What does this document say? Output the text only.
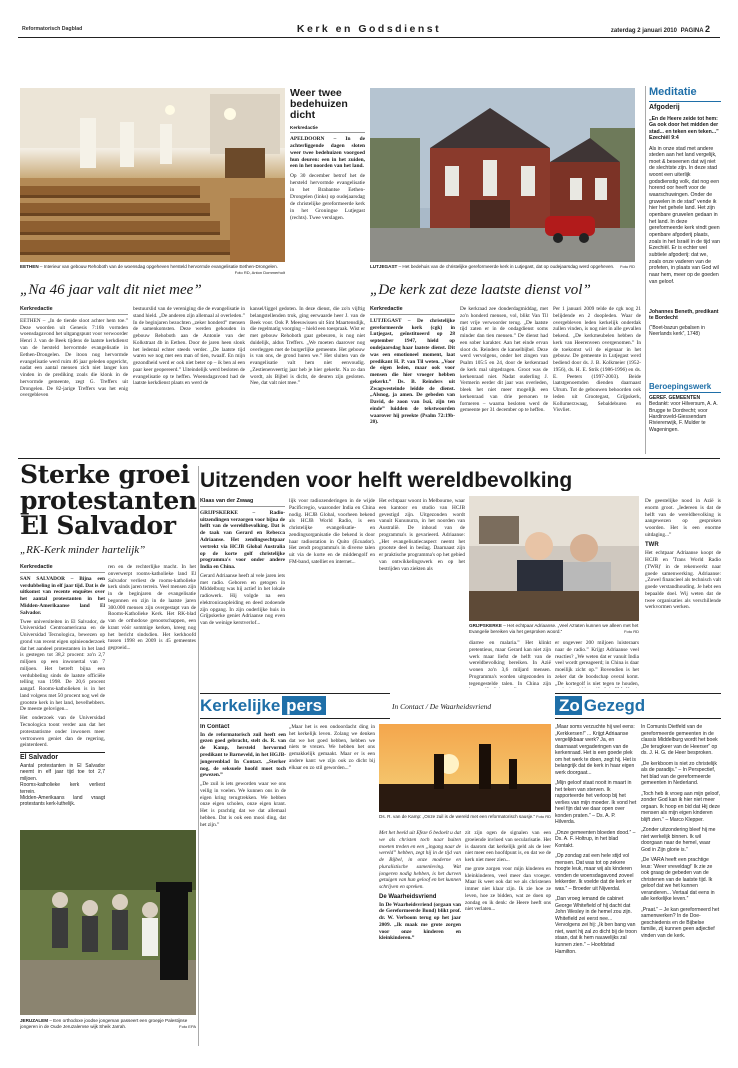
Reformatorisch Dagblad	Kerk en Godsdienst	zaterdag 2 januari 2010 PAGINA 2
EETHEN – Interieur van gebouw Rehoboth van de woensdag opgeheven hersteld hervormde evangelisatie Eethen-Drongelen.
Foto RD, Anton Dommerholt
Weer twee bedehuizen dicht
Kerkredactie
APELDOORN – In de achterliggende dagen sloten weer twee bedehuizen voorgoed hun deuren: een in het zuiden, een in het noorden van het land.
Op 30 december betrof het de hersteld hervormde evangelisatie in het Brabantse Eethen-Drongelen (links) op oudejaarsdag de christelijke gereformeerde kerk in het Groningse Lutjegast (rechts). Twee verslagen.
LUTJEGAST – Het bedehuis van de christelijke gereformeerde kerk in Lutjegast, dat op oudejaarsdag werd opgeheven. Foto RD
„Na 46 jaar valt dit niet mee”
Kerkredactie

EETHEN – „In de tiende sloot achter hem toe.” Deze woorden uit Genesis 7:16b vormden woensdagavond het uitgangspunt voor verwoorder Henri J. van de Beek tijdens de laatste kerkdienst van de hersteld hervormde evangelisatie in Eethen-Drongelen. De itoon nog hervormde evangelisatie werd ruim 46 jaar geleden opgericht, nadat een aantal mensen zich niet langer kon vinden in de prediking zoals die klonk in de hervormde gemeente, zegt G. Treffers uit Drongelen. De 82-jarige Treffers was het enig overgebleven

bestuurslid van de vereniging die de evangelisatie in stand hield. „De anderen zijn allemaal al overleden.” In de beginjaren bezochten „zeker honderd” mensen de samenkomsten. Deze werden gehouden in gebouw Rehoboth aan de Antonie van der Kolkstraat 4b in Eethen. Door de jaren heen slonk het ledental echter steeds verder. „De laatste tijd waren we nog met een man of tien, twaalf. En mijn gezondheid werd er ook niet beter op – ik ben al een paar keer geopereerd.” Uiteindelijk werd besloten de evangelisatie op te heffen. Woensdagavond had de laatste kerkdienst plaats en werd de
kansel/liggel gedoten. In deze dienst, die zo'n vijftig belangstellenden trok, ging eerwaarde heer J. van de Beek voor. Ook P. Meeuwissen uit Sint Maartensdijk, die regelmatig voorging – hield een toespraak. Wist er met gebouw Rehoboth gaat gebeuren, is nog niet duidelijk, aldus Treffers. „We moeten daarover nog overleggen met de burgerlijke gemeente. Het gebouw is van ons, de grond huren we.” Het sluiten van de evangelisatie valt hem niet eenvoudig. „Zestienenveertig jaar heb je hier gekerkt. Na zo dan wordt, als Bijbel is dicht, de deuren zijn gesloten. Nee, dat valt niet mee.”
„De kerk zat deze laatste dienst vol”
Kerkredactie

LUTJEGAST – De christelijke gereformeerde kerk (cgk) in Lutjegast, geïnstitueerd op 28 september 1947, hield op oudejaarsdag haar laatste dienst. Dit was een emotioneel moment, laat predikant H. P. van Til weten. „Voor de eigen leden, maar ook voor mensen die hier vroeger hebben gekerkt.” Ds. B. Reinders uit Zwagwesteinde leidde de dienst. „Alsnog, ja amen. De gebeden van David, de zoon van Isaï, zijn ten einde” luidden de tekstwoorden waarover hij preekte (Psalm 72:19b-20).

De kerkraad zee donderdagmiddag, met zo'n honderd mensen, vol, blikt Van Til met vrije verwoorder terug. „De laatste tijd zaten er in de ondagdienst soms minder dan tien mensen.” De dienst had een sober karakter. Aan het einde ervan sloot ds. Reinders de kanselbijbel. Deze werd vervolgens, onder het zingen van Psalm 105:5 en 24, door de kerkenraad de kerk mal uitgedragen. Groot was de kerkenraad niet. Nadat ouderling J. Vermerin eerder dit jaar was overleden, bleek het niet meer mogelijk een kerkenraad van drie personen te formeren – waarna besloten werd de gemeente per 31 december op te heffen.
Per 1 januari 2009 telde de cgk nog 21 belijdende en 2 doopleden. Waar de overgebleven leden kerkelijk onderdak zullen vinden, is nog niet in alle gevallen bekend. „De kerkmeubelen hebben de kerk van Heerenveen overgenomen.” In de toekomst wil de eigenaar in het gebouw. De gemeente in Lutjegast werd bediend door ds. J. B. Kolkmeier (1952-1956), ds. H. E. Strik (1986-1996) en ds. E. Peeters (1997-2003). Beide laatstgenoemden dienden daarnaast Ulrum. Tot de gebouwen behoorden ook leden uit Grootegast, Grijpskerk, Kollumerzwaag, Sebaldeburen en Visvliet.
Meditatie
Afgoderij
„En de Heere zeide tot hem: Ga ook door het midden der stad... en teken een teken...” Ezechiël 9:4
Als in onze stad met andere steden aan het land vergelijk, moet & beseenen dat wij niet de slechtste zijn. In deze stad woont een uiterlijk godsdienstig volk, dat nog een horend oor heeft voor de waarschuwingen. Onder de gruwelen in de stad” vende ik hier het gehele land. Het zijn openbare gruwelen gedaan in het land. In deze gereformeerde kerk vindt geen openbare afgoderij plaats, zoals in het Israël in de tijd van Ezechiël. Er is echter wel subtiele afgoderij: dat we, zoals onze vaderen van de profeten, in plaats van God wil naar hem, meer op de goeden van geloof.
Johannes Beneth, predikant te Bordecht
(“Boet-bazun gebalsen in Neerlands kerk”, 1748)
Beroepingswerk
GEREF. GEMEENTEN
Bedankt: voor Hilversum, A. A. Brugge te Dordrecht; voor Hardinxveld-Giessendam Rivierenwijk, F. Mulder te Wageningen.
Sterke groei protestanten El Salvador
„RK-Kerk minder hartelijk”
Kerkredactie

SAN SALVADOR – Bijna een verdubbeling in elf jaar tijd. Dat is de uitkomst van recente enquêtes over het aantal protestanten in het Midden-Amerikaanse land El Salvador.

Twee universiteiten in El Salvador, de Universidad Centroamericana en de Universidad Tecnologica, bewezen op grond van recent eigen opinieonderzoek dat het aandeel protestanten in het land is gestegen tot 38,2 procent: zo'n 2,7 miljoen op een inwonertal van 7 miljoen. Het betreft bijna een verdubbeling sinds de laatste officiële telling van 1998. De 20,6 procent aangaf. Rooms-katholieken is in het land volgens met 50 procent nog wel de grootste kerk in het land, bevelhebbers. De meeste gelovigen...

Het onderzoek van de Universidad Tecnologica toont verder aan dat het protestantisme onder inwoners meer vertrouwen geniet dan de regering, geinterdeerd.

El Salvador
Aantal protestanten in El Salvador neemt in elf jaar tijd toe tot 2,7 miljoen.
Rooms-katholieke kerk verliest terrein.
Midden-Amerikaans land vraagt protestants kerk-luthelijk.
ren en de rechterlijke macht. In het onverwerpt rooms-katholieke land El Salvador verliest de rooms-katholieke kerk sinds jaren terrein. Veel mensen zijn in de beginjaren de evangelisatie begonnen en zijn in de laatste jaren 300.000 mensen zijn overgestapt van de Rooms-Katholieke Kerk. Het RK-blad van de orthodoxe genootschappen, een krant vóór sommige kerken, kreeg nog het bericht sindsdien. Het kerkhoofd tussen 1998 en 2009 is 45 gemeentes gegroeid...
JERUZALEM – Een orthodoxe joodse jongeman passeert een groepje Palestijnse jongeren in de Oude Jeruzalemse wijk Sheik Jarrah.	Foto EPA
Uitzenden voor helft wereldbevolking
Klaas van der Zwaag

GRIJPSKERKE – Radio-uitzendingen verzorgen voor bijna de helft van de wereldbevolking. Dat is de taak van Gerard en Rebecca Adriaanse. Het zendingsechtpaar vertrekt via HCJB Global Australia op de korte golf christelijke programma's voor onder andere India en China.

Gerard Adriaanse heeft al vele jaren iets met radio. Geboren en getogen in Middelburg was hij actief in het lokale radiowerk. Hij volgde na een elektronicaopleiding en deed zodoende zijn opgang. In zijn ouderlijke huis in Grijpskerke geniet Adriaanse nog even van de weinige kerstverlof...

lijk voor radiozenderingen in de wijde Pacificregio, waaronder India en China nodig. HCJB Global, voorheen bekend als HCJB World Radio, is een christelijke evangelisatie- en zendingsorganisatie die bekend is door haar radiostation in Quito (Ecuador). Het zendt programma's in diverse talen uit via de korte en de middengolf en FM-band, satelliet en internet...
Het echtpaar woont in Melbourne, waar een kantoor en studio van HCJB gevestigd zijn. Uitgezonden wordt vanuit Kununurra, in het noorden van Australië. De inhoud van de programma's is gevarieerd. Adriaanse: „Het evangelisatiecaspect neemt het grootste deel in beslag. Daarnaast zijn er praktische programma's op het gebied van ontwikkelingswerk en op het bestrijden van ziekten als
GRIJPSKERKE – Het echtpaar Adriaanse. „Veel Azïaten kunnen we alleen met het Evangelie bereiken via het gesproken woord.”	Foto RD
diarree en malaria.” Het klinkt pretentieus, maar Gerard kan niet zijn werk maar liefst de helft van de wereldbevolking bereiken. In Azië wonen zo'n 3,6 miljard mensen. Programma's worden uitgezonden in tegengestelde talen. In China zijn
er ongeveer 200 miljoen luisteraars naar de radio.” Krijgt Adriaanse veel reacties? „We weten dat er vanuit India veel wordt gereageerd; in China is daar moeilijk zicht op.” Bovendien is het zeker dat de boodschap overal komt. „De kortegolf is niet tegen te houden,

De geestelijke nood in Azië is enorm groot. „Iedereen is dat de helft van de wereldbevolking is aangewezen op gesproken woorden. Het is een enorme uitdaging...”

TWR

Het echtpaar Adriaanse koopt de HCJB en 'Trans World Radio (TWR)' in de rekenwerkt naar goede samenwerking. Adriaanse: „Zowel financieel als technisch valt goede verstandhouding. Je hebt een bepaalde doel. Wij weten dat de twee organisaties als verschillende werkvormen werken.

Kerkelijke pers	In Contact / De Waarheidsvriend	Zo Gezegd
In Contact

In de reformatorisch zuil heeft een gezen goed gebracht, stelt ds. R. van de Kamp, hersteld hervormd predikant te Barneveld, in het HGJB-jongerenblad In Contact. „Sterker nog, de seksuele hoofd moet toch gewezen.”

„De zuil is iets geworden waar we ons veilig in voelen. We kunnen ons in de eigen kring terugtrekken. We hebben onze eigen scholen, onze eigen krant. Het is prachtig dat we dat allemaal hebben. Dat is ook een mooi ding, dat het zijn.”

„Maar het is een ondoordacht ding in het kerkelijk leven. Zolang we denken dat we het goed hebben, hebben we niets te vrezen. We hebben het ons gemakkelijk gemaakt. Maar er is een andere kant: we zijn ook zo dicht bij elkaar en zo stil geworden...”
Ds. R. van de Kamp: „Onze zuil is de wereld met een reformatorisch sausje.” Foto RD

Met het beeld uit Efeze 6 bedoelt u dat we als christen toch naar buiten moeten treden en een „ingang naar de wereld” hebben, zegt hij in de tijd van de Bijbel, in onze moderne en pluralistische samenleving. Wat jongeren nodig hebben, is het durven getuigen van hun geloof en het kunnen schrijven en spreken.

De Waarheidsvriend

In De Waarheidsvriend (orgaan van de Gereformeerde Bond) blikt prof. dr. W. Verboom terug op het jaar 2009. „Ik maak me grote zorgen voor onze kinderen en kleinkinderen.”

zit zijn ogen de signalen van een groeiende invloed van secularisatie. Het is daarom dat kerkelijk geld als de leer niet meer een hoofdpunt is, en dat we de kerk niet meer zien...

me grote zorgen voor mijn kinderen en kleinkinderen, veel meer dan vroeger. Maar ik weet ook dat we als christenen immer niet klaar zijn. Ik zie hoe ze leven, hoe ze bidden, wat ze doen op zondag en ik denk: de Heere heeft ons niet verlaten...

„Maar soms verzuchte hij wel eens: „Kerkkersen!” ... Krijgt Adriaanse vergelijkbaar werk? Ja, en daarnaast vergaderingen van de kerkenraad. Het is een goede plek om het werk te doen, zegt hij. Het is belangrijk dat de kerk in haar eigen werk doorgaat...

„Mijn geloof staat nooit in maart in het teken van sterven. Ik rapporteerde het verloop bij het verlies van mijn moeder. Ik vond het heel fijn dat we daar open over konden praten.” – Ds. A. P. Hilverda.

„Onze gemeenten bloeden dood.” – Ds. A. F. Holtrup, in het blad Kontakt.

„Op zondag zat een hele stijd vol mensen. Dat was tot op zekere hoogte leuk, maar wij als kinderen vonden de woensdagavond zoveel lekkerder. Ik voelde dat de kerk er was.” – Broeder uit Nijverdal.

„Dan vroeg iemand de cabinet George Whitefield of hij dacht dat John Wesley in de hemel zou zijn. Whitefield zei eerst nee... Vervolgens zei hij: „Ik ben bang van niet, want hij zal zo dicht bij de troon staan, dat ik hem nauwelijks zal kunnen zien.” – Hoofdstad Hamilton.

In Comunis Dietfeld van de gereformeerde gemeenten in de classis Middelburg wordt het boek „De terugkeer van de Heerser” op ds. J. H. G. de Heer besproken.

„De kerkboom is niet zo christelijk als de paradijs.” – In Perspectief, het blad van de gereformeerde gemeenten in Nederland.

„Toch heb ik vroeg aan mijn geloof, zonder God kan ik hier niet meer orgaan. Ik hoop en bid dat Hij deze mensen als mijn eigen kinderen blijft zien.” – Marco Klepper.

„Zonder uitzondering bleef hij me niet werkelijk binnen. Ik wil doorgaan naar de hemel, waar God in Zijn glorie is.”

„De VARA heeft een prachtige leus: ‘Weer vreveldag!’ Ik zie ze ook graag de gebeden van de christenen van de laatste tijd. Ik geloof dat we het kunnen veranderen... Vertaal dat eens in alle kerkelijke leven.”

„Praat.” – Je kan gereformeerd het samenwerken? In de Doe-geschiedenis en de Bijbelse familie, zij kunnen geen adjectief vinden van de kerk.
